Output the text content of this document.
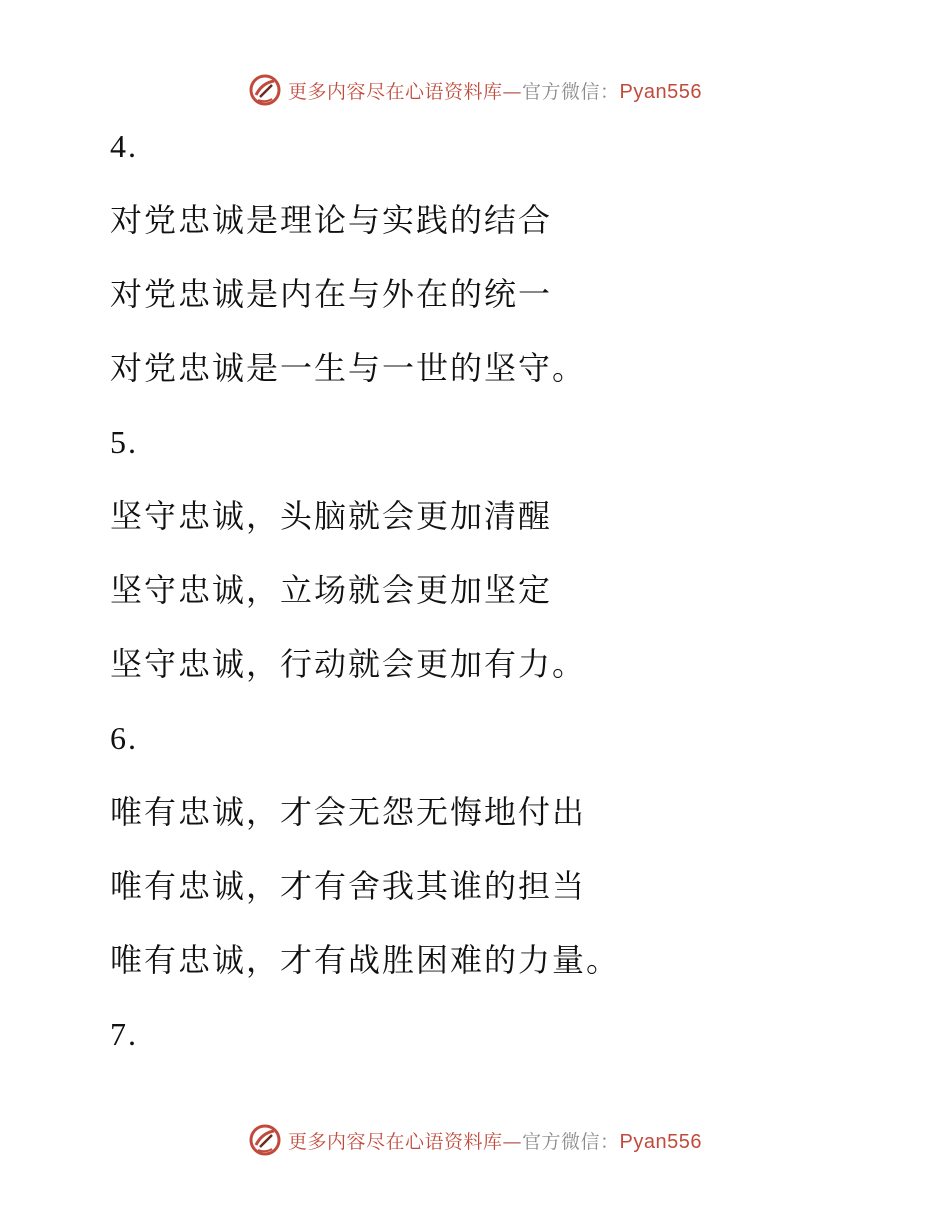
更多内容尽在心语资料库—官方微信：Pyan556
4.
对党忠诚是理论与实践的结合
对党忠诚是内在与外在的统一
对党忠诚是一生与一世的坚守。
5.
坚守忠诚，头脑就会更加清醒
坚守忠诚，立场就会更加坚定
坚守忠诚，行动就会更加有力。
6.
唯有忠诚，才会无怨无悔地付出
唯有忠诚，才有舍我其谁的担当
唯有忠诚，才有战胜困难的力量。
7.
更多内容尽在心语资料库—官方微信：Pyan556
